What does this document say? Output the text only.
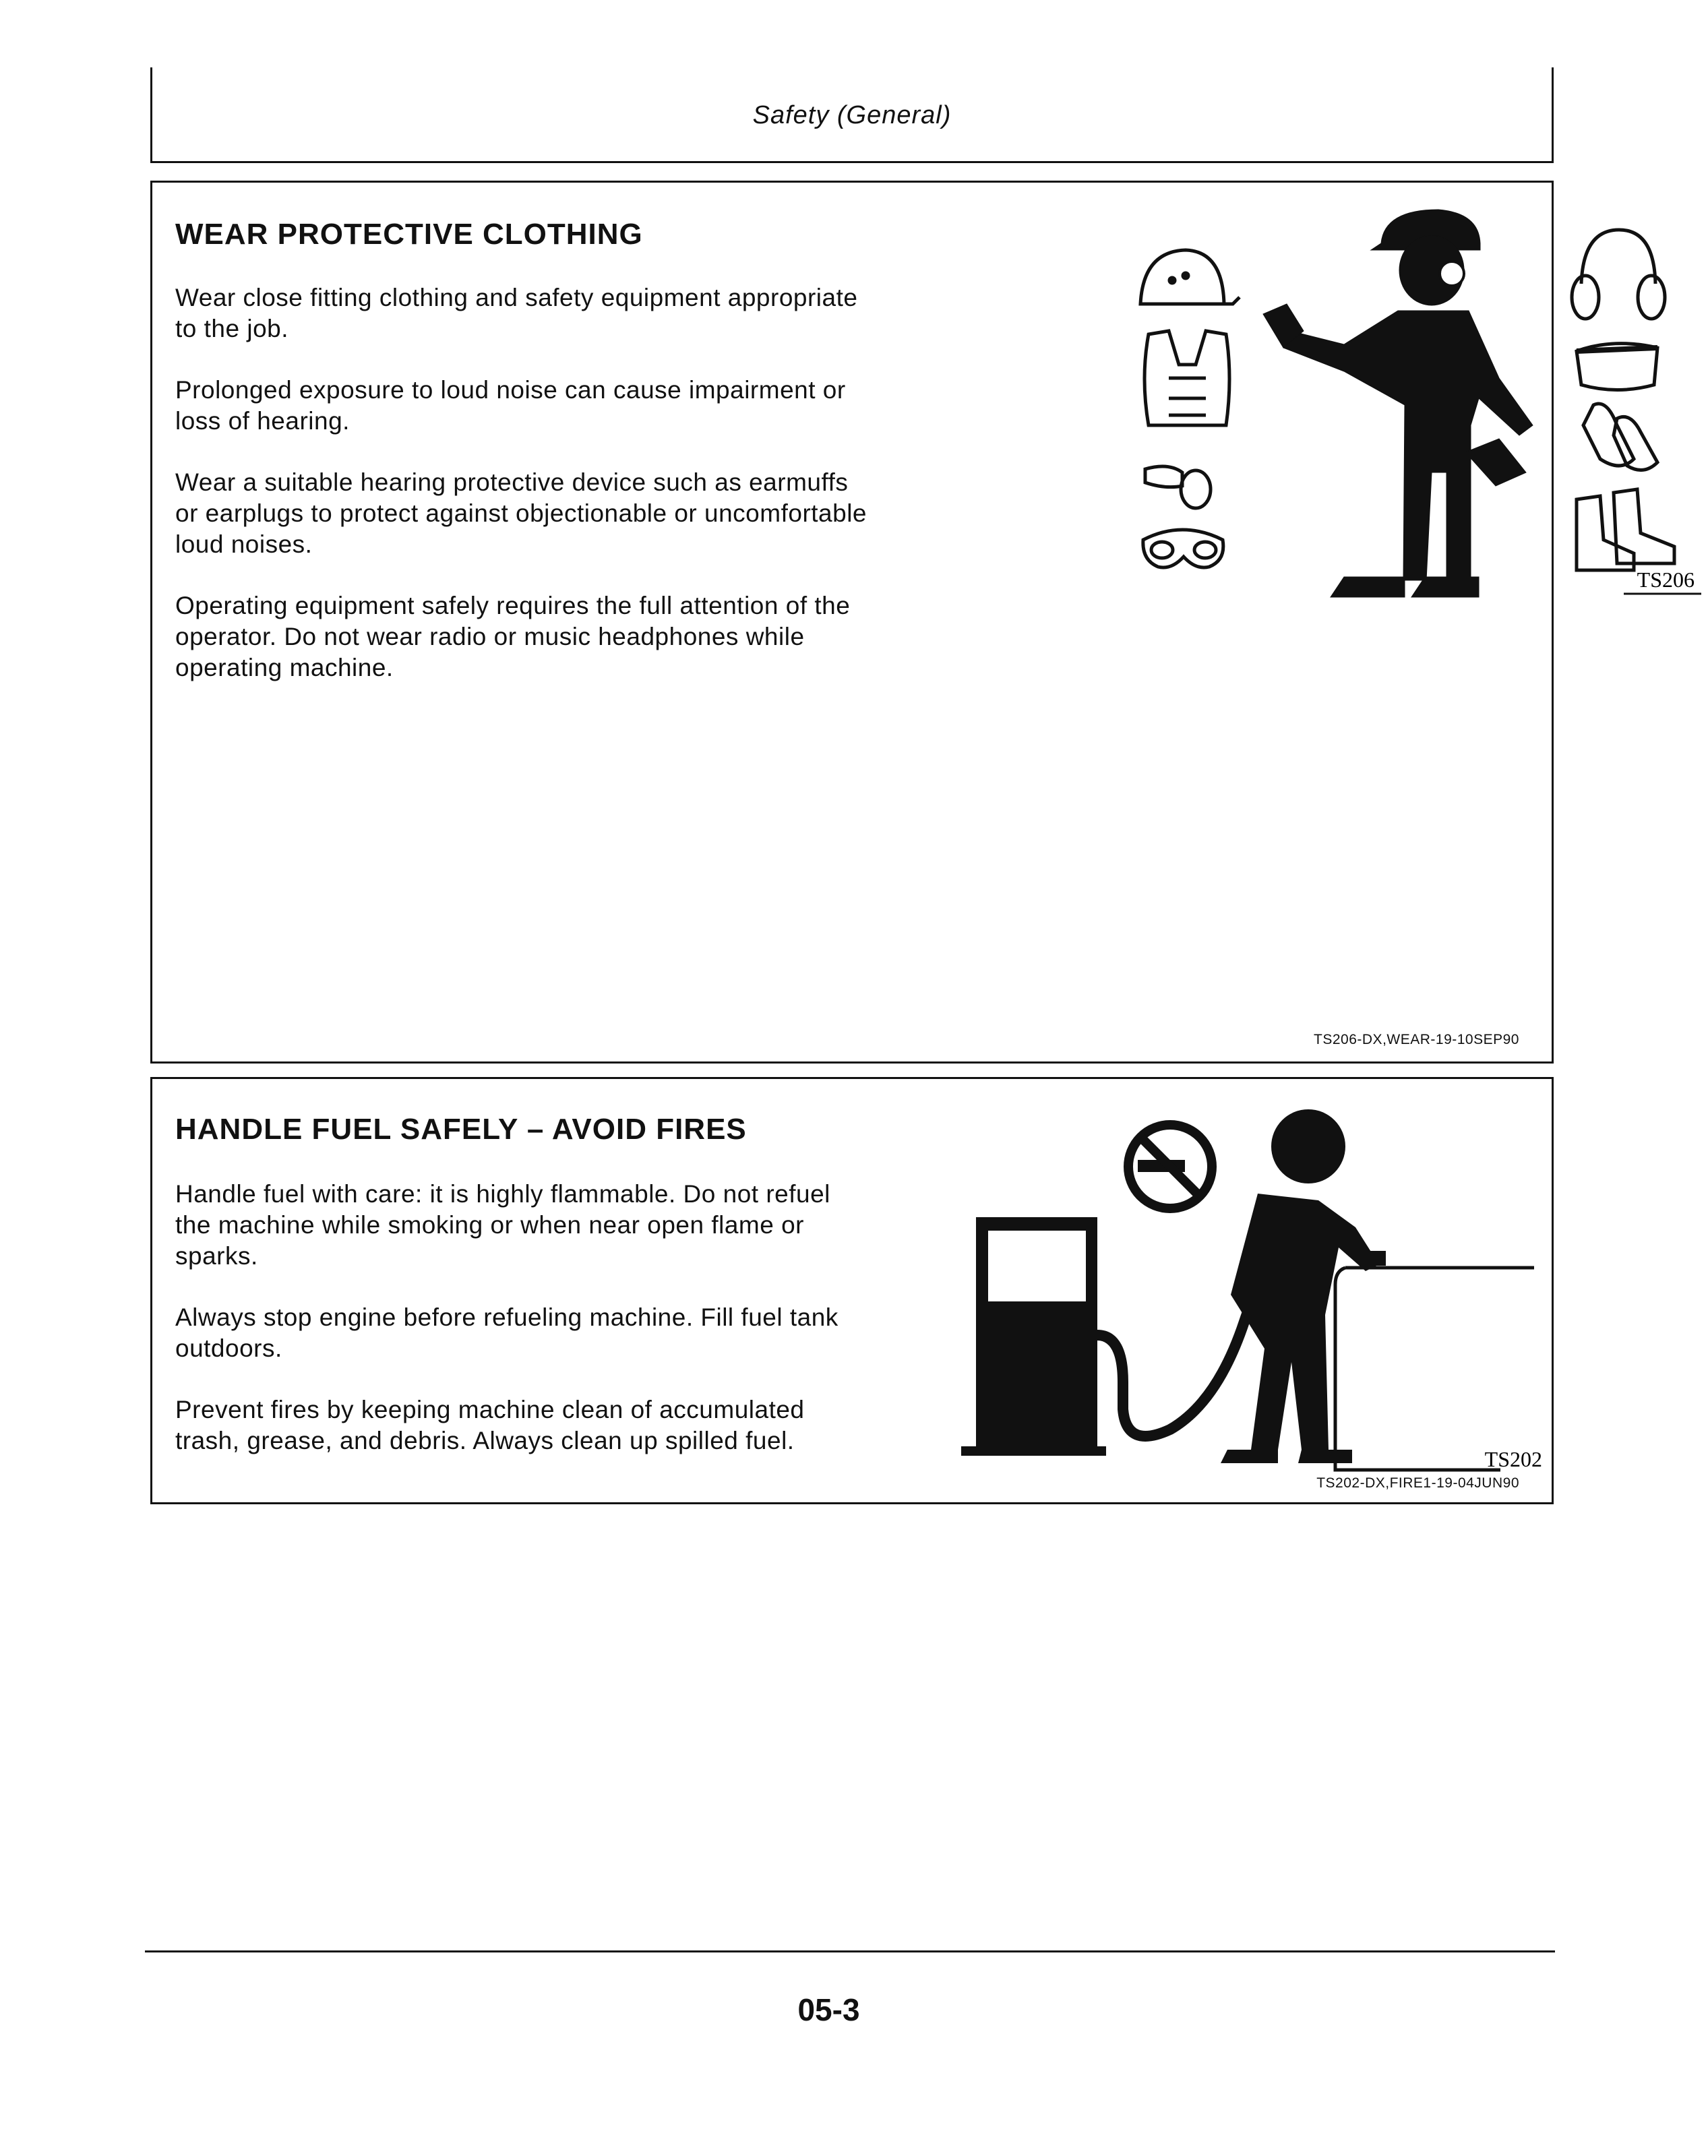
Safety (General)
WEAR PROTECTIVE CLOTHING

Wear close fitting clothing and safety equipment appropriate to the job.

Prolonged exposure to loud noise can cause impairment or loss of hearing.

Wear a suitable hearing protective device such as earmuffs or earplugs to protect against objectionable or uncomfortable loud noises.

Operating equipment safely requires the full attention of the operator. Do not wear radio or music headphones while operating machine.

TS206
TS206-DX,WEAR-19-10SEP90
HANDLE FUEL SAFELY – AVOID FIRES

Handle fuel with care: it is highly flammable. Do not refuel the machine while smoking or when near open flame or sparks.

Always stop engine before refueling machine. Fill fuel tank outdoors.

Prevent fires by keeping machine clean of accumulated trash, grease, and debris. Always clean up spilled fuel.

TS202
TS202-DX,FIRE1-19-04JUN90
05-3
